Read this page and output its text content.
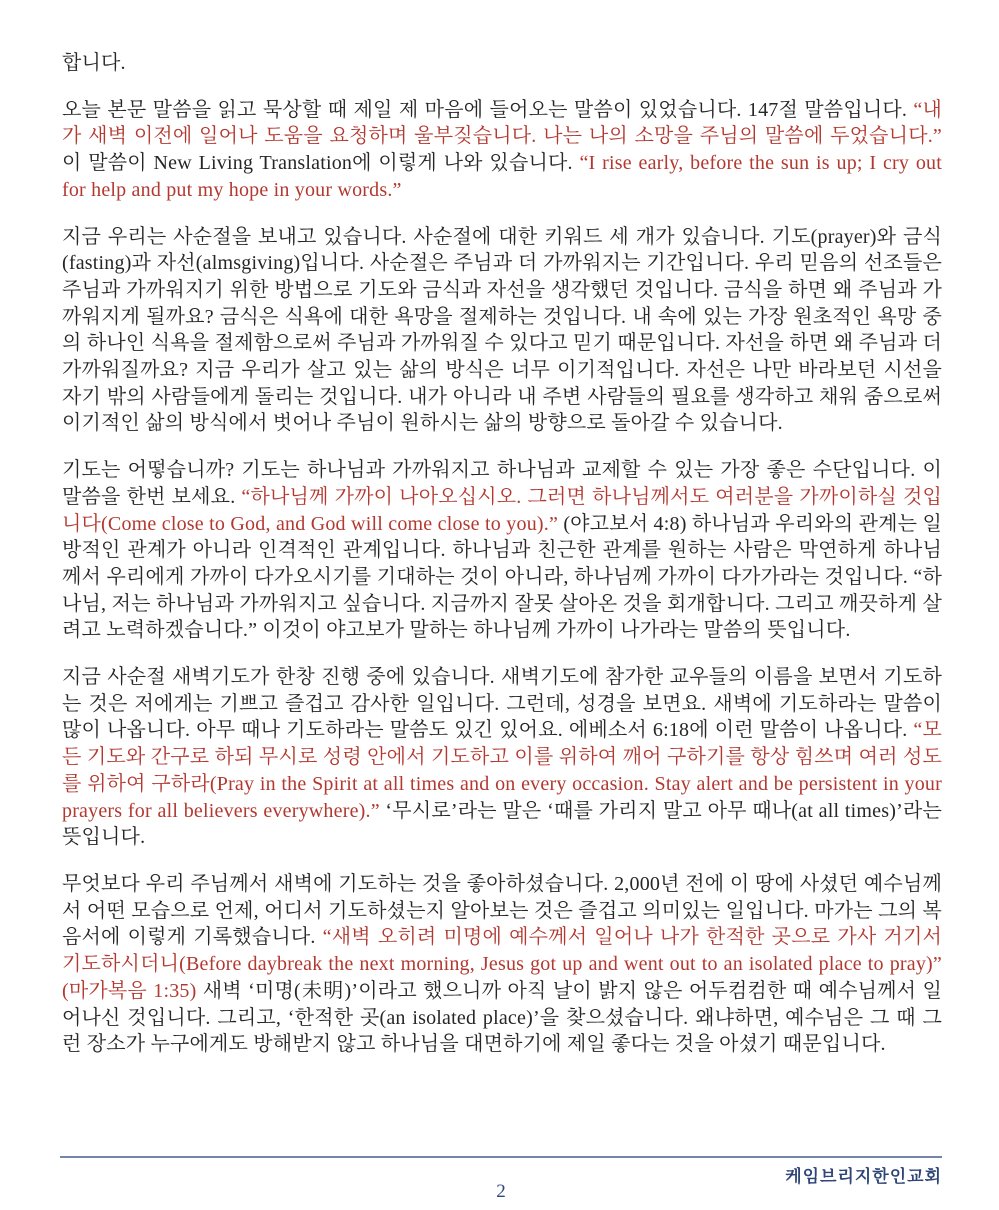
합니다.

오늘 본문 말씀을 읽고 묵상할 때 제일 제 마음에 들어오는 말씀이 있었습니다. 147절 말씀입니다. “내가 새벽 이전에 일어나 도움을 요청하며 울부짖습니다. 나는 나의 소망을 주님의 말씀에 두었습니다.” 이 말씀이 New Living Translation에 이렇게 나와 있습니다. “I rise early, before the sun is up; I cry out for help and put my hope in your words.”

지금 우리는 사순절을 보내고 있습니다. 사순절에 대한 키워드 세 개가 있습니다. 기도(prayer)와 금식(fasting)과 자선(almsgiving)입니다. 사순절은 주님과 더 가까워지는 기간입니다. 우리 믿음의 선조들은 주님과 가까워지기 위한 방법으로 기도와 금식과 자선을 생각했던 것입니다. 금식을 하면 왜 주님과 가까워지게 될까요? 금식은 식욕에 대한 욕망을 절제하는 것입니다. 내 속에 있는 가장 원초적인 욕망 중의 하나인 식욕을 절제함으로써 주님과 가까워질 수 있다고 믿기 때문입니다. 자선을 하면 왜 주님과 더 가까워질까요? 지금 우리가 살고 있는 삶의 방식은 너무 이기적입니다. 자선은 나만 바라보던 시선을 자기 밖의 사람들에게 돌리는 것입니다. 내가 아니라 내 주변 사람들의 필요를 생각하고 채워 줌으로써 이기적인 삶의 방식에서 벗어나 주님이 원하시는 삶의 방향으로 돌아갈 수 있습니다.

기도는 어떻습니까? 기도는 하나님과 가까워지고 하나님과 교제할 수 있는 가장 좋은 수단입니다. 이 말씀을 한번 보세요. “하나님께 가까이 나아오십시오. 그러면 하나님께서도 여러분을 가까이하실 것입니다(Come close to God, and God will come close to you).” (야고보서 4:8) 하나님과 우리와의 관계는 일방적인 관계가 아니라 인격적인 관계입니다. 하나님과 친근한 관계를 원하는 사람은 막연하게 하나님께서 우리에게 가까이 다가오시기를 기대하는 것이 아니라, 하나님께 가까이 다가가라는 것입니다. “하나님, 저는 하나님과 가까워지고 싶습니다. 지금까지 잘못 살아온 것을 회개합니다. 그리고 깨끗하게 살려고 노력하겠습니다.” 이것이 야고보가 말하는 하나님께 가까이 나가라는 말씀의 뜻입니다.

지금 사순절 새벽기도가 한창 진행 중에 있습니다. 새벽기도에 참가한 교우들의 이름을 보면서 기도하는 것은 저에게는 기쁘고 즐겁고 감사한 일입니다. 그런데, 성경을 보면요. 새벽에 기도하라는 말씀이 많이 나옵니다. 아무 때나 기도하라는 말씀도 있긴 있어요. 에베소서 6:18에 이런 말씀이 나옵니다. “모든 기도와 간구로 하되 무시로 성령 안에서 기도하고 이를 위하여 깨어 구하기를 항상 힘쓰며 여러 성도를 위하여 구하라(Pray in the Spirit at all times and on every occasion. Stay alert and be persistent in your prayers for all believers everywhere).” ‘무시로’라는 말은 ‘때를 가리지 말고 아무 때나(at all times)’라는 뜻입니다.

무엇보다 우리 주님께서 새벽에 기도하는 것을 좋아하셨습니다. 2,000년 전에 이 땅에 사셨던 예수님께서 어떤 모습으로 언제, 어디서 기도하셨는지 알아보는 것은 즐겁고 의미있는 일입니다. 마가는 그의 복음서에 이렇게 기록했습니다. “새벽 오히려 미명에 예수께서 일어나 나가 한적한 곳으로 가사 거기서 기도하시더니(Before daybreak the next morning, Jesus got up and went out to an isolated place to pray)” (마가복음 1:35) 새벽 ‘미명(未明)’이라고 했으니까 아직 날이 밝지 않은 어두컴컴한 때 예수님께서 일어나신 것입니다. 그리고, ‘한적한 곳(an isolated place)’을 찾으셨습니다. 왜냐하면, 예수님은 그 때 그런 장소가 누구에게도 방해받지 않고 하나님을 대면하기에 제일 좋다는 것을 아셨기 때문입니다.

케임브리지한인교회
2
